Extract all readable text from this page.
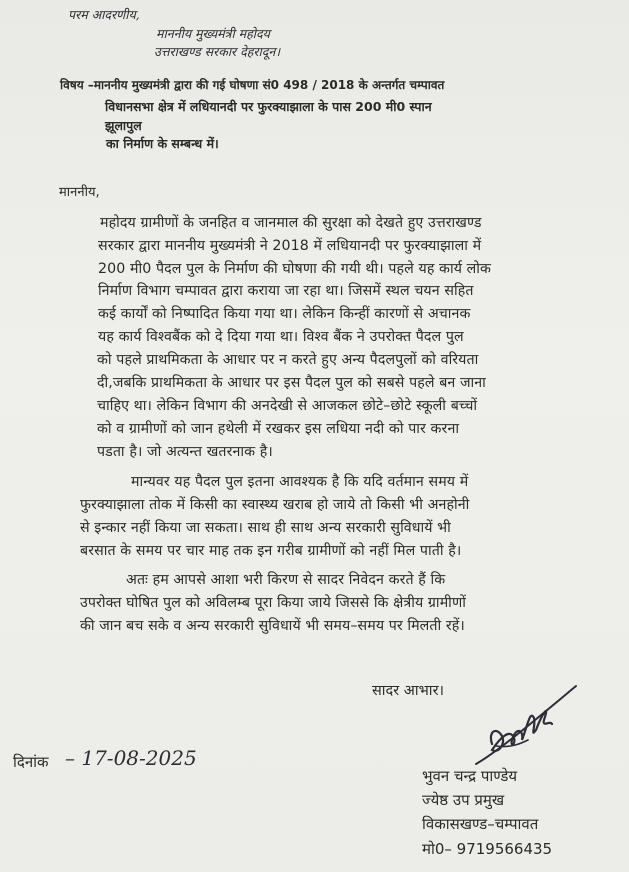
परम आदरणीय,
माननीय मुख्यमंत्री महोदय
उत्तराखण्ड सरकार देहरादून।
विषय –माननीय मुख्यमंत्री द्वारा की गई घोषणा सं0 498 / 2018 के अन्तर्गत चम्पावत
विधानसभा क्षेत्र में लधियानदी पर फुरक्याझाला के पास 200 मी0 स्पान
झूलापुल
का निर्माण के सम्बन्ध में।
माननीय,
महोदय ग्रामीणों के जनहित व जानमाल की सुरक्षा को देखते हुए उत्तराखण्ड
सरकार द्वारा माननीय मुख्यमंत्री ने 2018 में लधियानदी पर फुरक्याझाला में
200 मी0 पैदल पुल के निर्माण की घोषणा की गयी थी। पहले यह कार्य लोक
निर्माण विभाग चम्पावत द्वारा कराया जा रहा था। जिसमें स्थल चयन सहित
कई कार्यों को निष्पादित किया गया था। लेकिन किन्हीं कारणों से अचानक
यह कार्य विश्वबैंक को दे दिया गया था। विश्व बैंक ने उपरोक्त पैदल पुल
को पहले प्राथमिकता के आधार पर न करते हुए अन्य पैदलपुलों को वरियता
दी,जबकि प्राथमिकता के आधार पर इस पैदल पुल को सबसे पहले बन जाना
चाहिए था। लेकिन विभाग की अनदेखी से आजकल छोटे–छोटे स्कूली बच्चों
को व ग्रामीणों को जान हथेली में रखकर इस लधिया नदी को पार करना
पडता है। जो अत्यन्त खतरनाक है।
मान्यवर यह पैदल पुल इतना आवश्यक है कि यदि वर्तमान समय में
फुरक्याझाला तोक में किसी का स्वास्थ्य खराब हो जाये तो किसी भी अनहोनी
से इन्कार नहीं किया जा सकता। साथ ही साथ अन्य सरकारी सुविधायें भी
बरसात के समय पर चार माह तक इन गरीब ग्रामीणों को नहीं मिल पाती है।
अतः हम आपसे आशा भरी किरण से सादर निवेदन करते हैं कि
उपरोक्त घोषित पुल को अविलम्ब पूरा किया जाये जिससे कि क्षेत्रीय ग्रामीणों
की जान बच सके व अन्य सरकारी सुविधायें भी समय–समय पर मिलती रहें।
सादर आभार।
दिनांक – 17-08-2025
भुवन चन्द्र पाण्डेय
ज्येष्ठ उप प्रमुख
विकासखण्ड–चम्पावत
मो0– 9719566435
